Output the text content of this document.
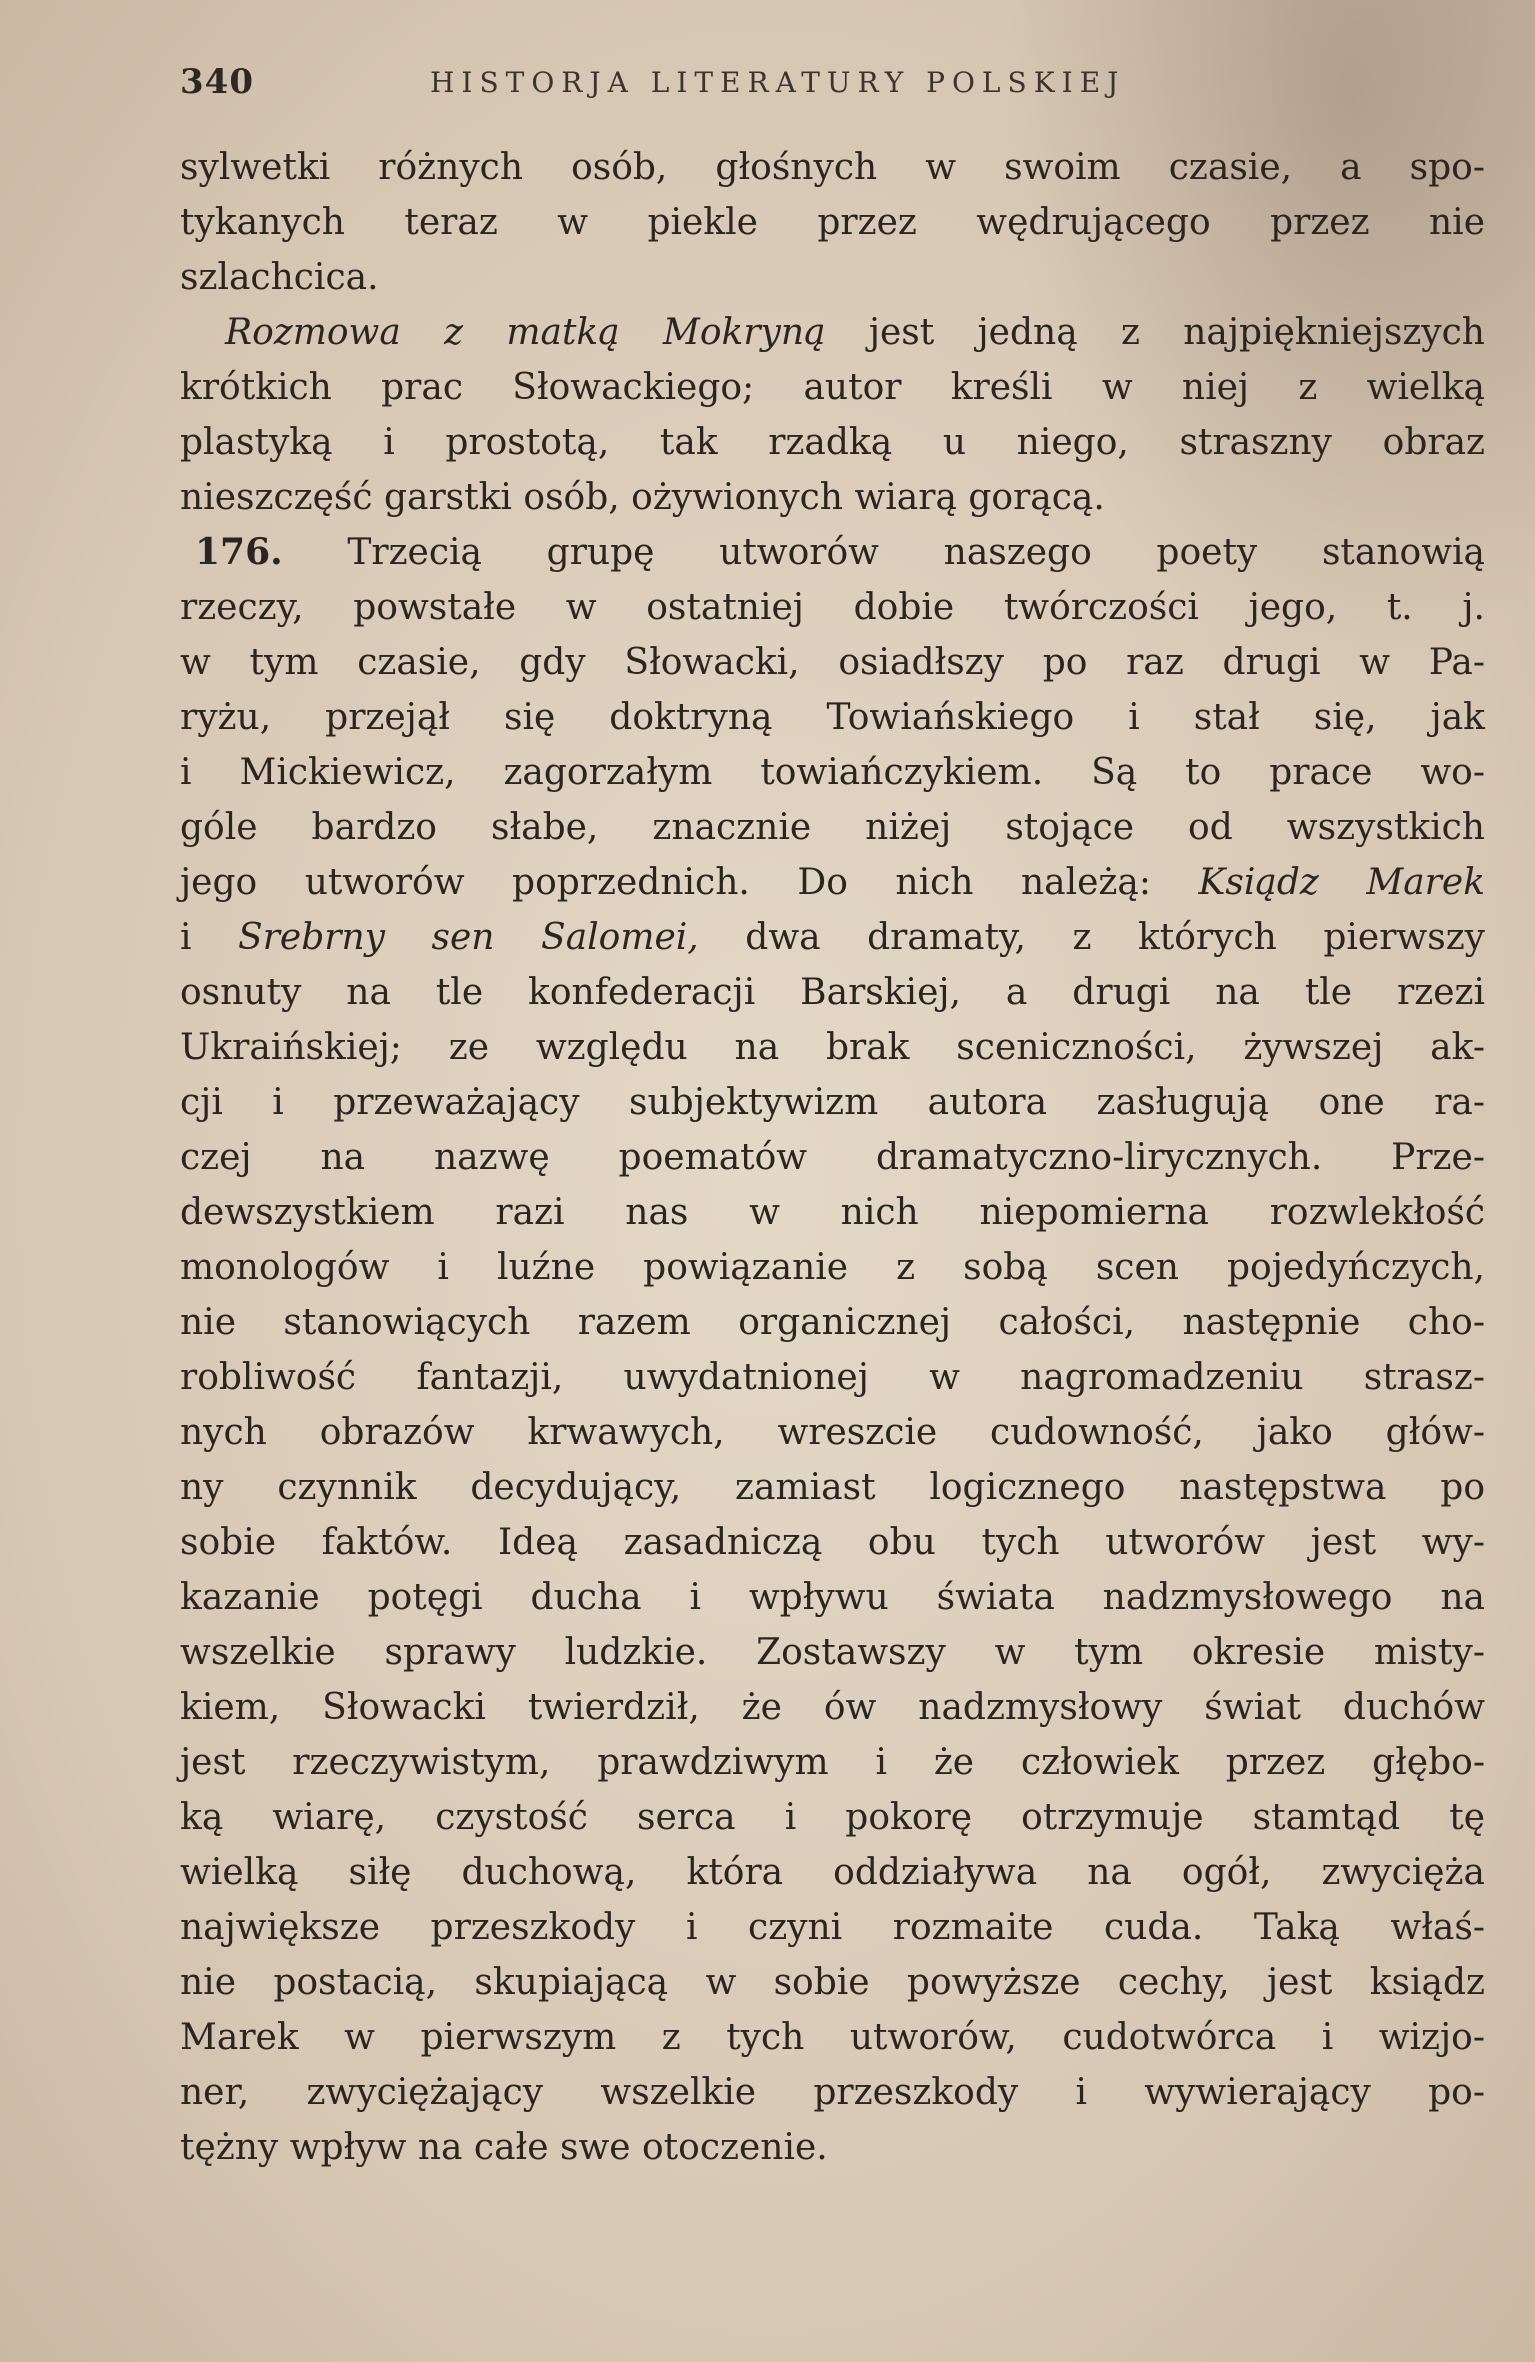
340	HISTORJA LITERATURY POLSKIEJ
sylwetki różnych osób, głośnych w swoim czasie, a spo-
tykanych teraz w piekle przez wędrującego przez nie
szlachcica.
Rozmowa z matką Mokryną jest jedną z najpiękniejszych
krótkich prac Słowackiego; autor kreśli w niej z wielką
plastyką i prostotą, tak rzadką u niego, straszny obraz
nieszczęść garstki osób, ożywionych wiarą gorącą.
176. Trzecią grupę utworów naszego poety stanowią
rzeczy, powstałe w ostatniej dobie twórczości jego, t. j.
w tym czasie, gdy Słowacki, osiadłszy po raz drugi w Pa-
ryżu, przejął się doktryną Towiańskiego i stał się, jak
i Mickiewicz, zagorzałym towiańczykiem. Są to prace wo-
góle bardzo słabe, znacznie niżej stojące od wszystkich
jego utworów poprzednich. Do nich należą: Ksiądz Marek
i Srebrny sen Salomei, dwa dramaty, z których pierwszy
osnuty na tle konfederacji Barskiej, a drugi na tle rzezi
Ukraińskiej; ze względu na brak sceniczności, żywszej ak-
cji i przeważający subjektywizm autora zasługują one ra-
czej na nazwę poematów dramatyczno-lirycznych. Prze-
dewszystkiem razi nas w nich niepomierna rozwlekłość
monologów i luźne powiązanie z sobą scen pojedyńczych,
nie stanowiących razem organicznej całości, następnie cho-
robliwość fantazji, uwydatnionej w nagromadzeniu strasz-
nych obrazów krwawych, wreszcie cudowność, jako głów-
ny czynnik decydujący, zamiast logicznego następstwa po
sobie faktów. Ideą zasadniczą obu tych utworów jest wy-
kazanie potęgi ducha i wpływu świata nadzmysłowego na
wszelkie sprawy ludzkie. Zostawszy w tym okresie misty-
kiem, Słowacki twierdził, że ów nadzmysłowy świat duchów
jest rzeczywistym, prawdziwym i że człowiek przez głębo-
ką wiarę, czystość serca i pokorę otrzymuje stamtąd tę
wielką siłę duchową, która oddziaływa na ogół, zwycięża
największe przeszkody i czyni rozmaite cuda. Taką właś-
nie postacią, skupiającą w sobie powyższe cechy, jest ksiądz
Marek w pierwszym z tych utworów, cudotwórca i wizjo-
ner, zwyciężający wszelkie przeszkody i wywierający po-
tężny wpływ na całe swe otoczenie.
